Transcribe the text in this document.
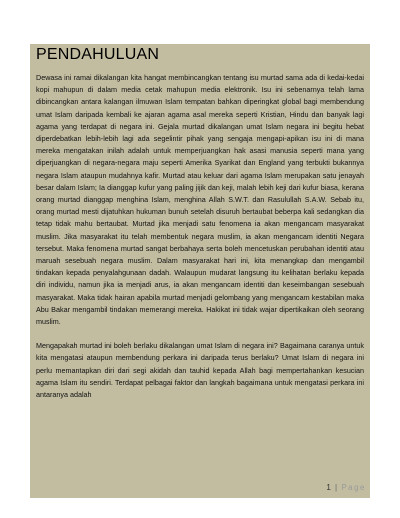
PENDAHULUAN

Dewasa ini ramai dikalangan kita hangat membincangkan tentang isu murtad sama ada di kedai-kedai kopi mahupun di dalam media cetak mahupun media elektronik. Isu ini sebenarnya telah lama dibincangkan antara kalangan ilmuwan Islam tempatan bahkan diperingkat global bagi membendung umat Islam daripada kembali ke ajaran agama asal mereka seperti Kristian, Hindu dan banyak lagi agama yang terdapat di negara ini. Gejala murtad dikalangan umat Islam negara ini begitu hebat diperdebatkan lebih-lebih lagi ada segelintir pihak yang sengaja mengapi-apikan isu ini di mana mereka mengatakan inilah adalah untuk memperjuangkan hak asasi manusia seperti mana yang diperjuangkan di negara-negara maju seperti Amerika Syarikat dan England yang terbukti bukannya negara Islam ataupun mudahnya kafir. Murtad atau keluar dari agama Islam merupakan satu jenayah besar dalam Islam; Ia dianggap kufur yang paling jijik dan keji, malah lebih keji dari kufur biasa, kerana orang murtad dianggap menghina Islam, menghina Allah S.W.T. dan Rasulullah S.A.W. Sebab itu, orang murtad mesti dijatuhkan hukuman bunuh setelah disuruh bertaubat beberpa kali sedangkan dia tetap tidak mahu bertaubat. Murtad jika menjadi satu fenomena ia akan mengancam masyarakat muslim. Jika masyarakat itu telah membentuk negara muslim, ia akan mengancam identiti Negara tersebut. Maka fenomena murtad sangat berbahaya serta boleh mencetuskan perubahan identiti atau maruah sesebuah negara muslim. Dalam masyarakat hari ini, kita menangkap dan mengambil tindakan kepada penyalahgunaan dadah. Walaupun mudarat langsung itu kelihatan berlaku kepada diri individu, namun jika ia menjadi arus, ia akan mengancam identiti dan keseimbangan sesebuah masyarakat. Maka tidak hairan apabila murtad menjadi gelombang yang mengancam kestabilan maka Abu Bakar mengambil tindakan memerangi mereka. Hakikat ini tidak wajar dipertikaikan oleh seorang muslim.

Mengapakah murtad ini boleh berlaku dikalangan umat Islam di negara ini? Bagaimana caranya untuk kita mengatasi ataupun membendung perkara ini daripada terus berlaku? Umat Islam di negara ini perlu memantapkan diri dari segi akidah dan tauhid kepada Allah bagi mempertahankan kesucian agama Islam itu sendiri. Terdapat pelbagai faktor dan langkah bagaimana untuk mengatasi perkara ini antaranya adalah

1 | Page
